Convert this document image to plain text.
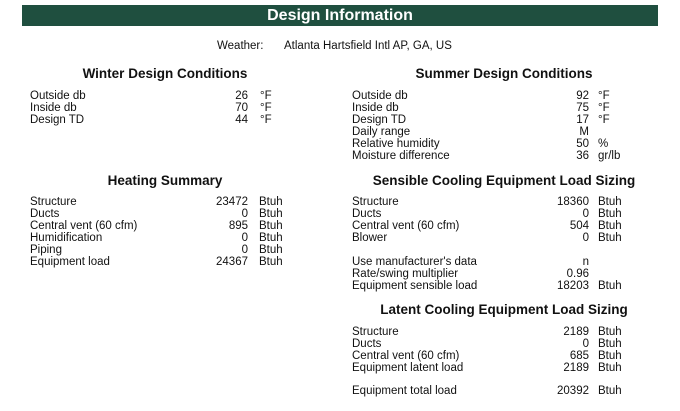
Design Information
Weather: Atlanta Hartsfield Intl AP, GA, US
Winter Design Conditions
Outside db	26 °F
Inside db	70 °F
Design TD	44 °F
Summer Design Conditions
Outside db	92 °F
Inside db	75 °F
Design TD	17 °F
Daily range	M
Relative humidity	50 %
Moisture difference	36 gr/lb
Heating Summary
Structure	23472 Btuh
Ducts	0 Btuh
Central vent (60 cfm)	895 Btuh
Humidification	0 Btuh
Piping	0 Btuh
Equipment load	24367 Btuh
Sensible Cooling Equipment Load Sizing
Structure	18360 Btuh
Ducts	0 Btuh
Central vent (60 cfm)	504 Btuh
Blower	0 Btuh
Use manufacturer's data	n
Rate/swing multiplier	0.96
Equipment sensible load	18203 Btuh
Latent Cooling Equipment Load Sizing
Structure	2189 Btuh
Ducts	0 Btuh
Central vent (60 cfm)	685 Btuh
Equipment latent load	2189 Btuh
Equipment total load	20392 Btuh
